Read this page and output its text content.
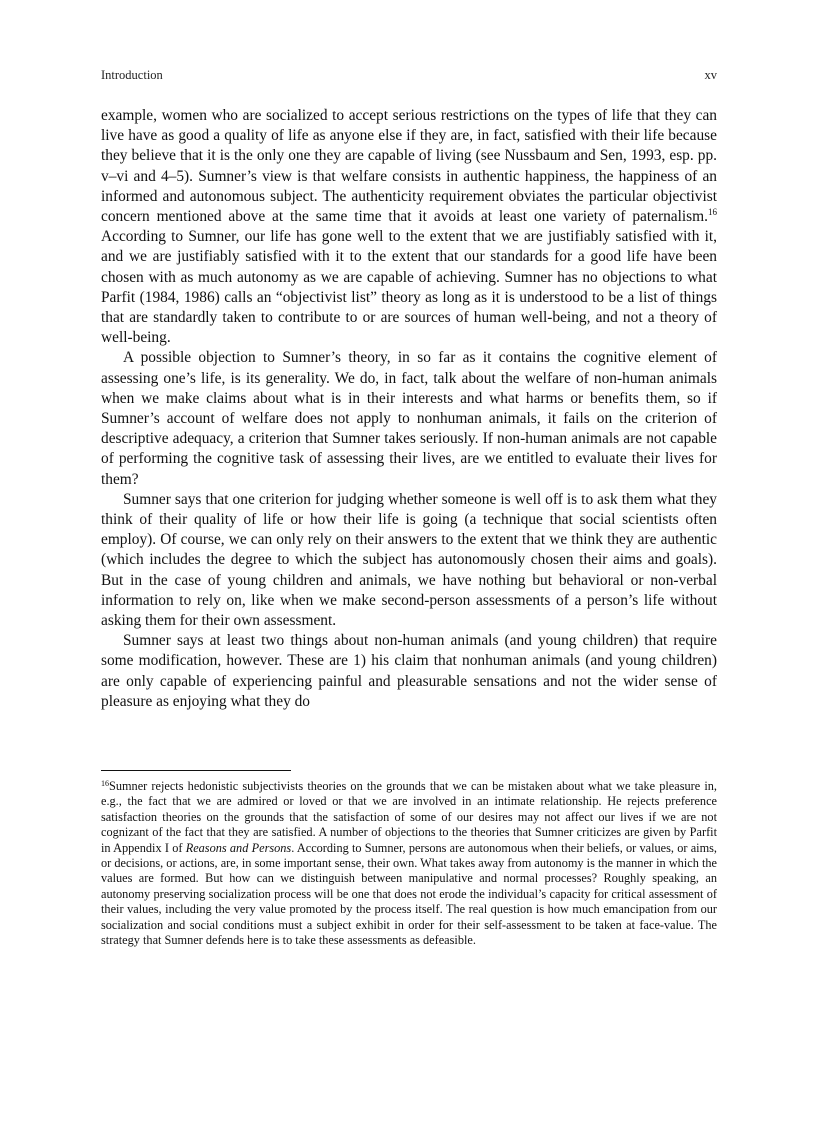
Introduction	xv

example, women who are socialized to accept serious restrictions on the types of life that they can live have as good a quality of life as anyone else if they are, in fact, satisfied with their life because they believe that it is the only one they are capable of living (see Nussbaum and Sen, 1993, esp. pp. v–vi and 4–5). Sumner’s view is that welfare consists in authentic happiness, the happiness of an informed and autonomous subject. The authenticity requirement obviates the particular objectivist concern mentioned above at the same time that it avoids at least one variety of paternalism.$^{16}$ According to Sumner, our life has gone well to the extent that we are justifiably satisfied with it, and we are justifiably satisfied with it to the extent that our standards for a good life have been chosen with as much autonomy as we are capable of achieving. Sumner has no objections to what Parfit (1984, 1986) calls an “objectivist list” theory as long as it is understood to be a list of things that are standardly taken to contribute to or are sources of human well-being, and not a theory of well-being.

A possible objection to Sumner’s theory, in so far as it contains the cognitive element of assessing one’s life, is its generality. We do, in fact, talk about the welfare of non-human animals when we make claims about what is in their interests and what harms or benefits them, so if Sumner’s account of welfare does not apply to nonhuman animals, it fails on the criterion of descriptive adequacy, a criterion that Sumner takes seriously. If non-human animals are not capable of performing the cognitive task of assessing their lives, are we entitled to evaluate their lives for them?

Sumner says that one criterion for judging whether someone is well off is to ask them what they think of their quality of life or how their life is going (a technique that social scientists often employ). Of course, we can only rely on their answers to the extent that we think they are authentic (which includes the degree to which the subject has autonomously chosen their aims and goals). But in the case of young children and animals, we have nothing but behavioral or non-verbal information to rely on, like when we make second-person assessments of a person’s life without asking them for their own assessment.

Sumner says at least two things about non-human animals (and young children) that require some modification, however. These are 1) his claim that nonhuman animals (and young children) are only capable of experiencing painful and pleasurable sensations and not the wider sense of pleasure as enjoying what they do

$^{16}$Sumner rejects hedonistic subjectivists theories on the grounds that we can be mistaken about what we take pleasure in, e.g., the fact that we are admired or loved or that we are involved in an intimate relationship. He rejects preference satisfaction theories on the grounds that the satisfaction of some of our desires may not affect our lives if we are not cognizant of the fact that they are satisfied. A number of objections to the theories that Sumner criticizes are given by Parfit in Appendix I of Reasons and Persons. According to Sumner, persons are autonomous when their beliefs, or values, or aims, or decisions, or actions, are, in some important sense, their own. What takes away from autonomy is the manner in which the values are formed. But how can we distinguish between manipulative and normal processes? Roughly speaking, an autonomy preserving socialization process will be one that does not erode the individual’s capacity for critical assessment of their values, including the very value promoted by the process itself. The real question is how much emancipation from our socialization and social conditions must a subject exhibit in order for their self-assessment to be taken at face-value. The strategy that Sumner defends here is to take these assessments as defeasible.
